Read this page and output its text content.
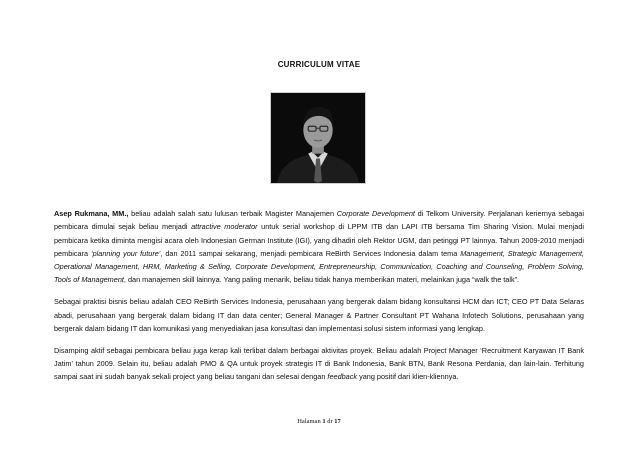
CURRICULUM VITAE

Asep Rukmana, MM., beliau adalah salah satu lulusan terbaik Magister Manajemen Corporate Development di Telkom University. Perjalanan keriernya sebagai pembicara dimulai sejak beliau menjadi attractive moderator untuk serial workshop di LPPM ITB dan LAPI ITB bersama Tim Sharing Vision. Mulai menjadi pembicara ketika diminta mengisi acara oleh Indonesian German Institute (IGI), yang dihadiri oleh Rektor UGM, dan petinggi PT lainnya. Tahun 2009-2010 menjadi pembicara ‘planning your future’, dan 2011 sampai sekarang, menjadi pembicara ReBirth Services Indonesia dalam tema Management, Strategic Management, Operational Management, HRM, Marketing & Selling, Corporate Development, Entrepreneurship, Communication, Coaching and Counseling, Problem Solving, Tools of Management, dan manajemen skill lainnya. Yang paling menarik, beliau tidak hanya memberikan materi, melainkan juga “walk the talk”.

Sebagai praktisi bisnis beliau adalah CEO ReBirth Services Indonesia, perusahaan yang bergerak dalam bidang konsultansi HCM dan ICT; CEO PT Data Selaras abadi, perusahaan yang bergerak dalam bidang IT dan data center; General Manager & Partner Consultant PT Wahana Infotech Solutions, perusahaan yang bergerak dalam bidang IT dan komunikasi yang menyediakan jasa konsultasi dan implementasi solusi sistem informasi yang lengkap.

Disamping aktif sebagai pembicara beliau juga kerap kali terlibat dalam berbagai aktivitas proyek. Beliau adalah Project Manager ‘Recruitment Karyawan IT Bank Jatim’ tahun 2009. Selain itu, beliau adalah PMO & QA untuk proyek strategis IT di Bank Indonesia, Bank BTN, Bank Resona Perdania, dan lain-lain. Terhitung sampai saat ini sudah banyak sekali project yang beliau tangani dan selesai dengan feedback yang positif dari klien-kliennya.

Halaman 1 dr 17
